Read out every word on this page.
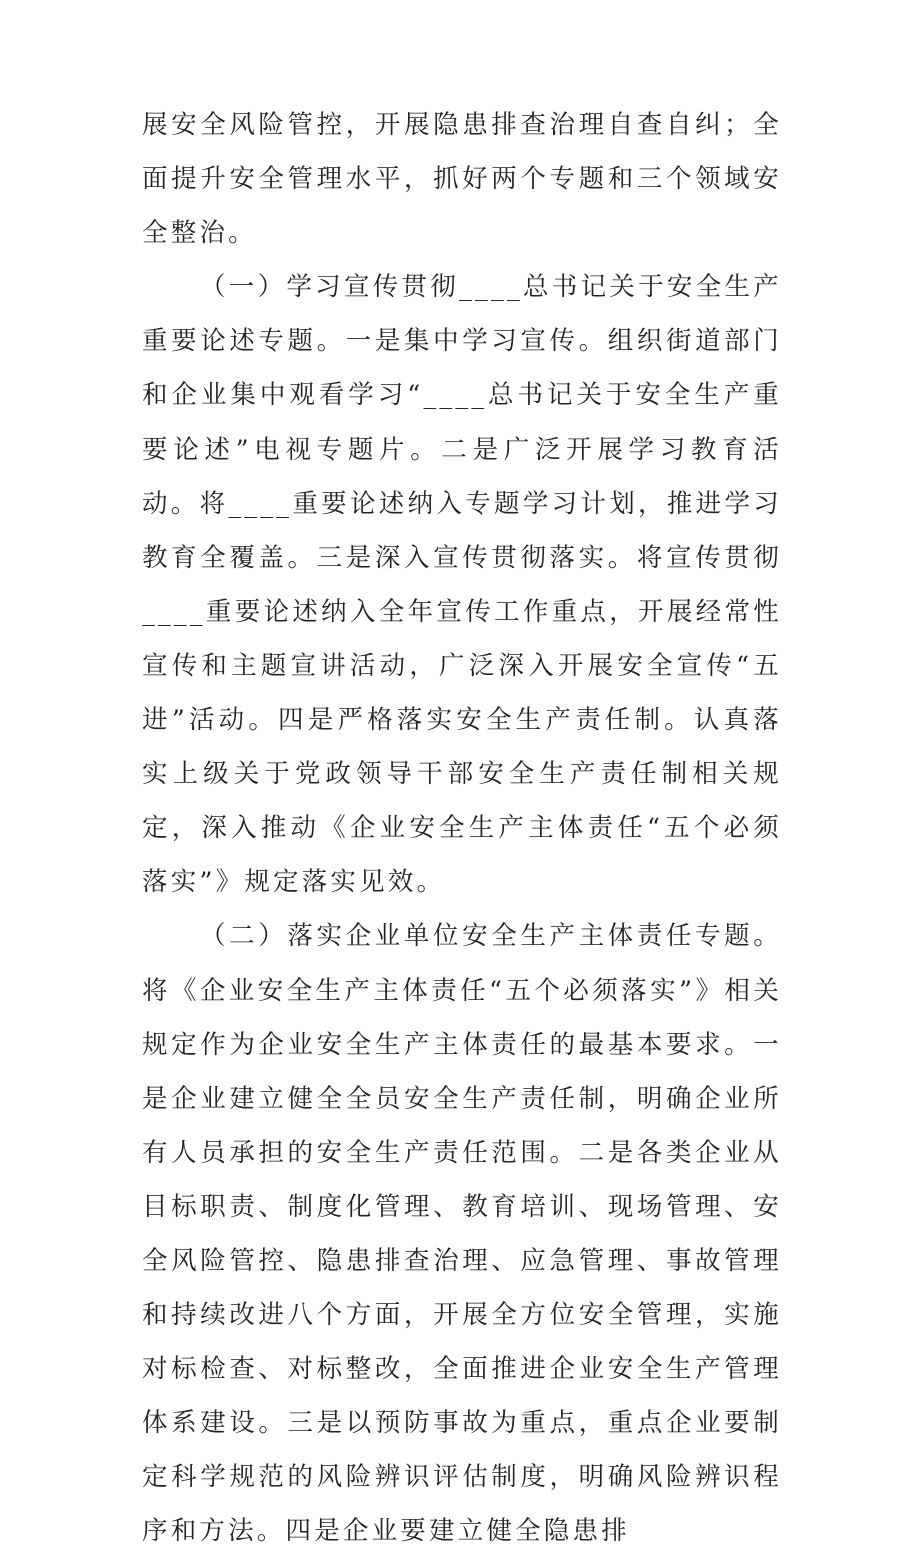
展安全风险管控，开展隐患排查治理自查自纠；全面提升安全管理水平，抓好两个专题和三个领域安全整治。

（一）学习宣传贯彻____总书记关于安全生产重要论述专题。一是集中学习宣传。组织街道部门和企业集中观看学习“____总书记关于安全生产重要论述”电视专题片。二是广泛开展学习教育活动。将____重要论述纳入专题学习计划，推进学习教育全覆盖。三是深入宣传贯彻落实。将宣传贯彻____重要论述纳入全年宣传工作重点，开展经常性宣传和主题宣讲活动，广泛深入开展安全宣传“五进”活动。四是严格落实安全生产责任制。认真落实上级关于党政领导干部安全生产责任制相关规定，深入推动《企业安全生产主体责任“五个必须落实”》规定落实见效。

（二）落实企业单位安全生产主体责任专题。将《企业安全生产主体责任“五个必须落实”》相关规定作为企业安全生产主体责任的最基本要求。一是企业建立健全全员安全生产责任制，明确企业所有人员承担的安全生产责任范围。二是各类企业从目标职责、制度化管理、教育培训、现场管理、安全风险管控、隐患排查治理、应急管理、事故管理和持续改进八个方面，开展全方位安全管理，实施对标检查、对标整改，全面推进企业安全生产管理体系建设。三是以预防事故为重点，重点企业要制定科学规范的风险辨识评估制度，明确风险辨识程序和方法。四是企业要建立健全隐患排
